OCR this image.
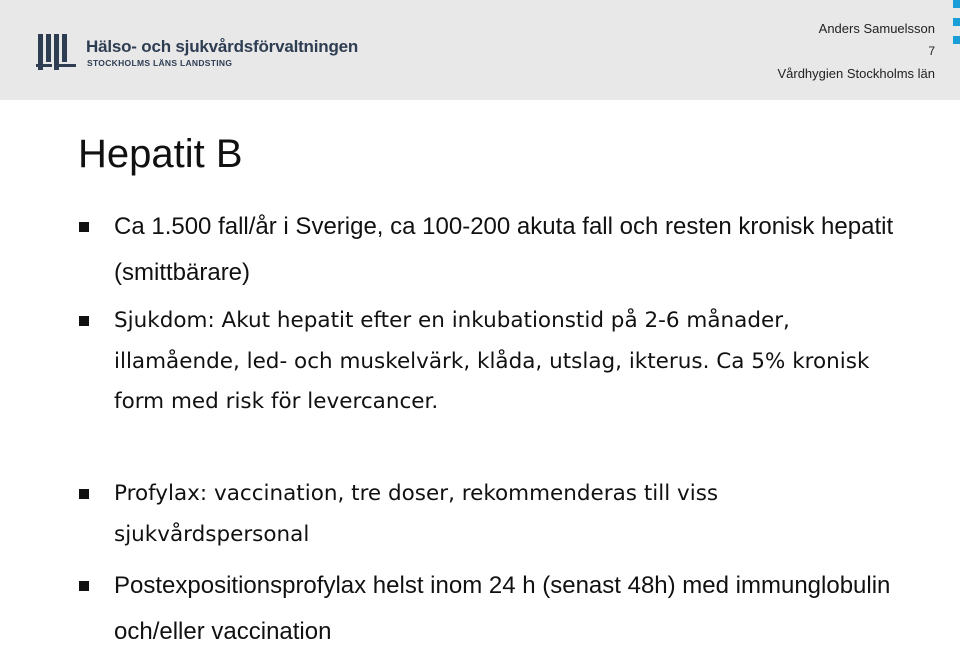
Hälso- och sjukvårdsförvaltningen
STOCKHOLMS LÄNS LANDSTING
Anders Samuelsson
7
Vårdhygien Stockholms län
Hepatit B
Ca 1.500 fall/år i Sverige, ca 100-200 akuta fall och resten kronisk hepatit (smittbärare)
Sjukdom: Akut hepatit efter en inkubationstid på 2-6 månader, illamående, led- och muskelvärk, klåda, utslag, ikterus. Ca 5% kronisk form med risk för levercancer.
Profylax: vaccination, tre doser, rekommenderas till viss sjukvårdspersonal
Postexpositionsprofylax helst inom 24 h (senast 48h) med immunglobulin och/eller vaccination
